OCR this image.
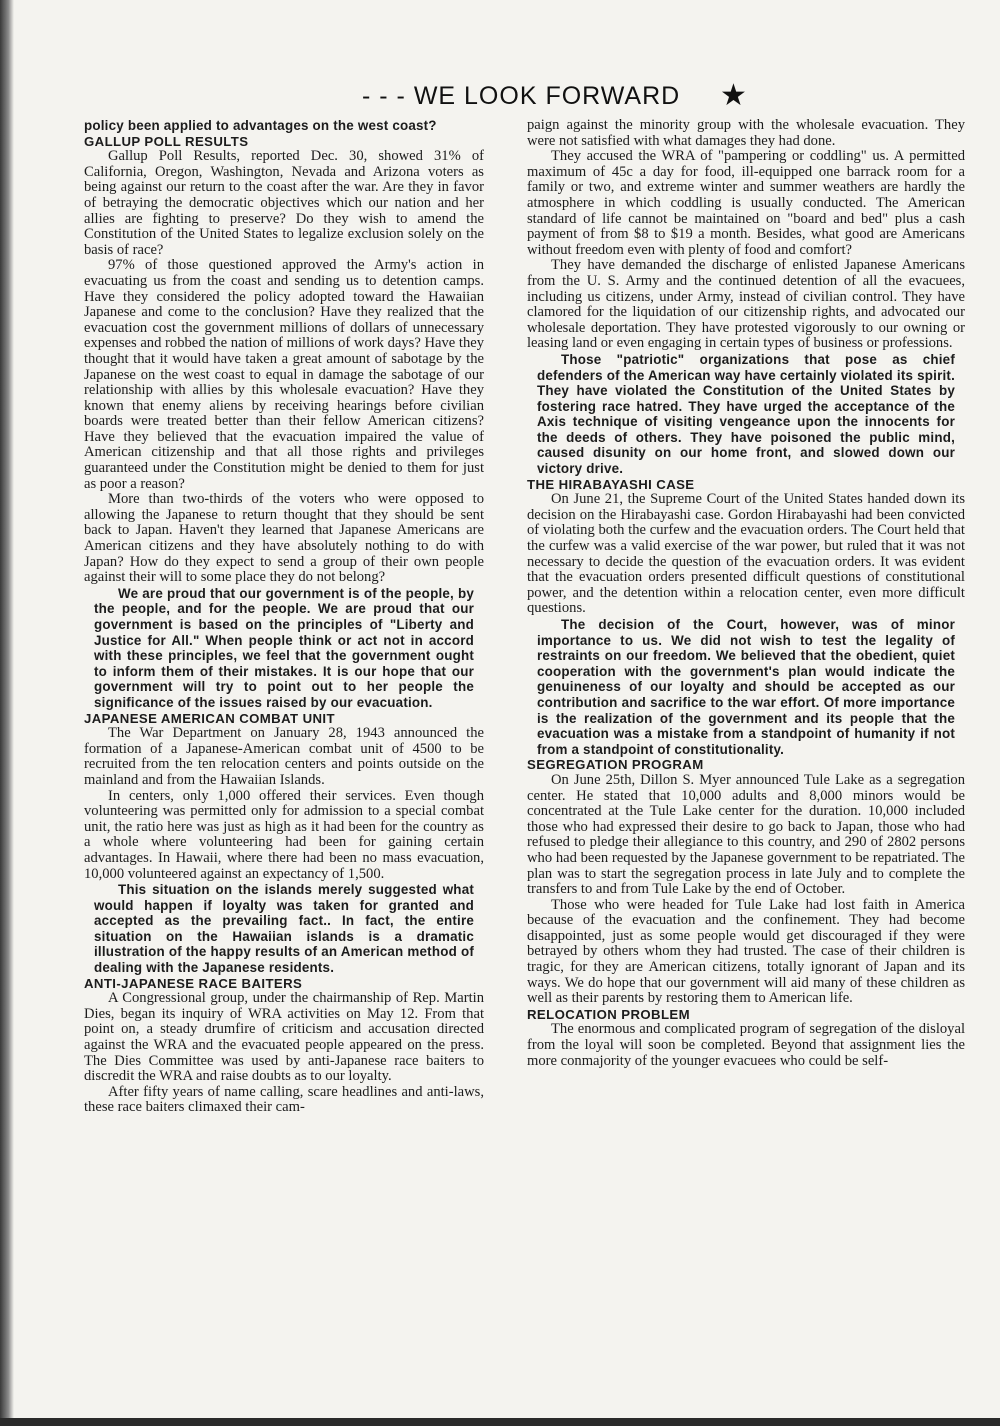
- - - WE LOOK FORWARD ★

policy been applied to advantages on the west coast?

GALLUP POLL RESULTS

Gallup Poll Results, reported Dec. 30, showed 31% of California, Oregon, Washington, Nevada and Arizona voters as being against our return to the coast after the war. Are they in favor of betraying the democratic objectives which our nation and her allies are fighting to preserve? Do they wish to amend the Constitution of the United States to legalize exclusion solely on the basis of race?

97% of those questioned approved the Army's action in evacuating us from the coast and sending us to detention camps. Have they considered the policy adopted toward the Hawaiian Japanese and come to the conclusion? Have they realized that the evacuation cost the government millions of dollars of unnecessary expenses and robbed the nation of millions of work days? Have they thought that it would have taken a great amount of sabotage by the Japanese on the west coast to equal in damage the sabotage of our relationship with allies by this wholesale evacuation? Have they known that enemy aliens by receiving hearings before civilian boards were treated better than their fellow American citizens? Have they believed that the evacuation impaired the value of American citizenship and that all those rights and privileges guaranteed under the Constitution might be denied to them for just as poor a reason?

More than two-thirds of the voters who were opposed to allowing the Japanese to return thought that they should be sent back to Japan. Haven't they learned that Japanese Americans are American citizens and they have absolutely nothing to do with Japan? How do they expect to send a group of their own people against their will to some place they do not belong?

We are proud that our government is of the people, by the people, and for the people. We are proud that our government is based on the principles of "Liberty and Justice for All." When people think or act not in accord with these principles, we feel that the government ought to inform them of their mistakes. It is our hope that our government will try to point out to her people the significance of the issues raised by our evacuation.

JAPANESE AMERICAN COMBAT UNIT

The War Department on January 28, 1943 announced the formation of a Japanese-American combat unit of 4500 to be recruited from the ten relocation centers and points outside on the mainland and from the Hawaiian Islands.

In centers, only 1,000 offered their services. Even though volunteering was permitted only for admission to a special combat unit, the ratio here was just as high as it had been for the country as a whole where volunteering had been for gaining certain advantages. In Hawaii, where there had been no mass evacuation, 10,000 volunteered against an expectancy of 1,500.

This situation on the islands merely suggested what would happen if loyalty was taken for granted and accepted as the prevailing fact.. In fact, the entire situation on the Hawaiian islands is a dramatic illustration of the happy results of an American method of dealing with the Japanese residents.

ANTI-JAPANESE RACE BAITERS

A Congressional group, under the chairmanship of Rep. Martin Dies, began its inquiry of WRA activities on May 12. From that point on, a steady drumfire of criticism and accusation directed against the WRA and the evacuated people appeared on the press. The Dies Committee was used by anti-Japanese race baiters to discredit the WRA and raise doubts as to our loyalty.

After fifty years of name calling, scare headlines and anti-laws, these race baiters climaxed their cam-

paign against the minority group with the wholesale evacuation. They were not satisfied with what damages they had done.

They accused the WRA of "pampering or coddling" us. A permitted maximum of 45c a day for food, ill-equipped one barrack room for a family or two, and extreme winter and summer weathers are hardly the atmosphere in which coddling is usually conducted. The American standard of life cannot be maintained on "board and bed" plus a cash payment of from $8 to $19 a month. Besides, what good are Americans without freedom even with plenty of food and comfort?

They have demanded the discharge of enlisted Japanese Americans from the U. S. Army and the continued detention of all the evacuees, including us citizens, under Army, instead of civilian control. They have clamored for the liquidation of our citizenship rights, and advocated our wholesale deportation. They have protested vigorously to our owning or leasing land or even engaging in certain types of business or professions.

Those "patriotic" organizations that pose as chief defenders of the American way have certainly violated its spirit. They have violated the Constitution of the United States by fostering race hatred. They have urged the acceptance of the Axis technique of visiting vengeance upon the innocents for the deeds of others. They have poisoned the public mind, caused disunity on our home front, and slowed down our victory drive.

THE HIRABAYASHI CASE

On June 21, the Supreme Court of the United States handed down its decision on the Hirabayashi case. Gordon Hirabayashi had been convicted of violating both the curfew and the evacuation orders. The Court held that the curfew was a valid exercise of the war power, but ruled that it was not necessary to decide the question of the evacuation orders. It was evident that the evacuation orders presented difficult questions of constitutional power, and the detention within a relocation center, even more difficult questions.

The decision of the Court, however, was of minor importance to us. We did not wish to test the legality of restraints on our freedom. We believed that the obedient, quiet cooperation with the government's plan would indicate the genuineness of our loyalty and should be accepted as our contribution and sacrifice to the war effort. Of more importance is the realization of the government and its people that the evacuation was a mistake from a standpoint of humanity if not from a standpoint of constitutionality.

SEGREGATION PROGRAM

On June 25th, Dillon S. Myer announced Tule Lake as a segregation center. He stated that 10,000 adults and 8,000 minors would be concentrated at the Tule Lake center for the duration. 10,000 included those who had expressed their desire to go back to Japan, those who had refused to pledge their allegiance to this country, and 290 of 2802 persons who had been requested by the Japanese government to be repatriated. The plan was to start the segregation process in late July and to complete the transfers to and from Tule Lake by the end of October.

Those who were headed for Tule Lake had lost faith in America because of the evacuation and the confinement. They had become disappointed, just as some people would get discouraged if they were betrayed by others whom they had trusted. The case of their children is tragic, for they are American citizens, totally ignorant of Japan and its ways. We do hope that our government will aid many of these children as well as their parents by restoring them to American life.

RELOCATION PROBLEM

The enormous and complicated program of segregation of the disloyal from the loyal will soon be completed. Beyond that assignment lies the more conmajority of the younger evacuees who could be self-
